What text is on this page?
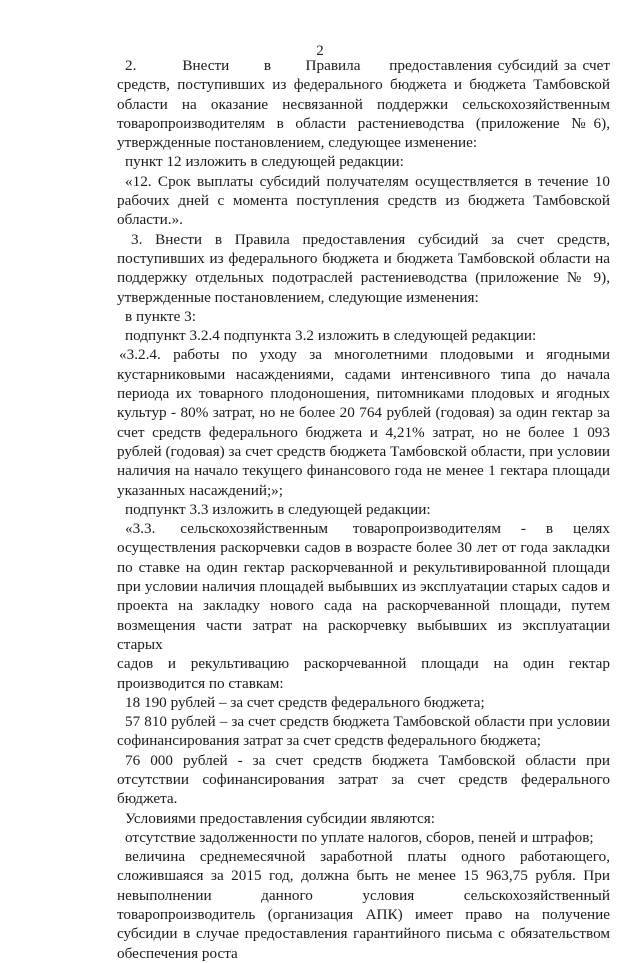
2

2.        Внести      в      Правила     предоставления субсидий за счет средств, поступивших из федерального бюджета и бюджета Тамбовской области на оказание несвязанной поддержки сельскохозяйственным товаропроизводителям в области растениеводства (приложение №6), утвержденные постановлением, следующее изменение:

пункт 12 изложить в следующей редакции:

«12. Срок выплаты субсидий получателям осуществляется в течение 10 рабочих дней с момента поступления средств из бюджета Тамбовской области.».

3. Внести в Правила предоставления субсидий за счет средств, поступивших из федерального бюджета и бюджета Тамбовской области на поддержку отдельных подотраслей растениеводства (приложение № 9), утвержденные постановлением, следующие изменения:

в пункте 3:

подпункт 3.2.4 подпункта 3.2 изложить в следующей редакции:

«3.2.4. работы по уходу за многолетними плодовыми и ягодными кустарниковыми насаждениями, садами интенсивного типа до начала периода их товарного плодоношения, питомниками плодовых и ягодных культур - 80% затрат, но не более 20 764 рублей (годовая) за один гектар за счет средств федерального бюджета и 4,21% затрат, но не более 1 093 рублей (годовая) за счет средств бюджета Тамбовской области, при условии наличия на начало текущего финансового года не менее 1 гектара площади указанных насаждений;»;

подпункт 3.3 изложить в следующей редакции:

«3.3.     сельскохозяйственным     товаропроизводителям    -    в    целях осуществления раскорчевки садов в возрасте более 30 лет от года закладки по ставке на один гектар раскорчеванной и рекультивированной площади при условии наличия площадей выбывших из эксплуатации старых садов и проекта на закладку нового сада на раскорчеванной площади, путем возмещения части затрат на раскорчевку выбывших из эксплуатации старых садов   и   рекультивацию   раскорчеванной   площади   на   один   гектар производится по ставкам:

18 190 рублей – за счет средств федерального бюджета;

57 810 рублей – за счет средств бюджета Тамбовской области при условии софинансирования затрат за счет средств федерального бюджета;

76 000 рублей - за счет средств бюджета Тамбовской области при отсутствии софинансирования затрат за счет средств федерального бюджета.

Условиями предоставления субсидии являются:

отсутствие задолженности по уплате налогов, сборов, пеней и штрафов;

величина среднемесячной заработной платы одного работающего, сложившаяся за 2015 год, должна быть не менее 15 963,75 рубля. При невыполнении данного условия сельскохозяйственный товаропроизводитель (организация АПК) имеет право на получение субсидии в случае предоставления гарантийного письма с обязательством обеспечения роста
